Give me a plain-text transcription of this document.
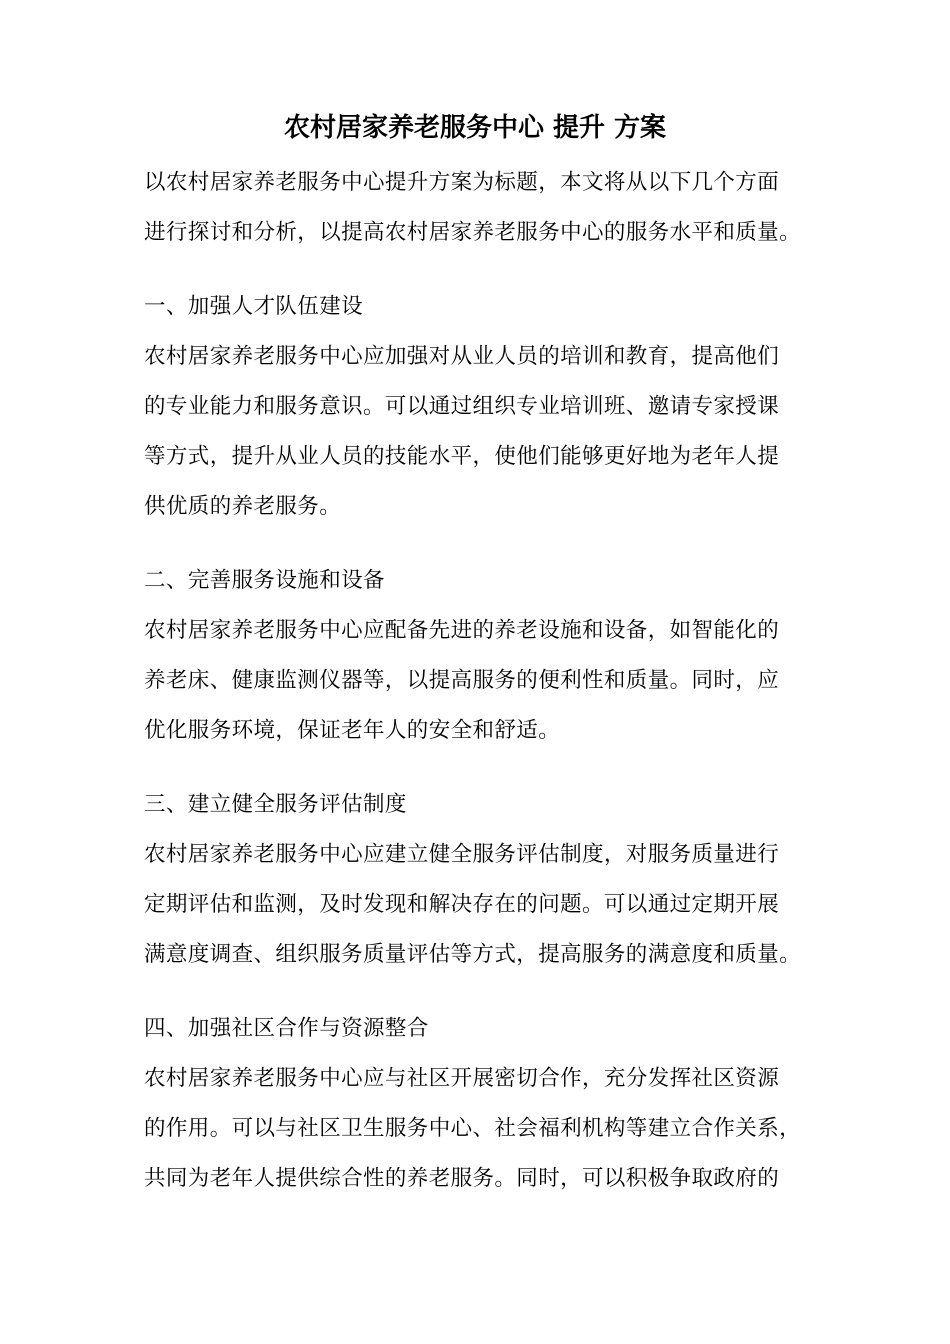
农村居家养老服务中心 提升 方案

以农村居家养老服务中心提升方案为标题，本文将从以下几个方面
进行探讨和分析，以提高农村居家养老服务中心的服务水平和质量。

一、加强人才队伍建设

农村居家养老服务中心应加强对从业人员的培训和教育，提高他们
的专业能力和服务意识。可以通过组织专业培训班、邀请专家授课
等方式，提升从业人员的技能水平，使他们能够更好地为老年人提
供优质的养老服务。

二、完善服务设施和设备

农村居家养老服务中心应配备先进的养老设施和设备，如智能化的
养老床、健康监测仪器等，以提高服务的便利性和质量。同时，应
优化服务环境，保证老年人的安全和舒适。

三、建立健全服务评估制度

农村居家养老服务中心应建立健全服务评估制度，对服务质量进行
定期评估和监测，及时发现和解决存在的问题。可以通过定期开展
满意度调查、组织服务质量评估等方式，提高服务的满意度和质量。

四、加强社区合作与资源整合

农村居家养老服务中心应与社区开展密切合作，充分发挥社区资源
的作用。可以与社区卫生服务中心、社会福利机构等建立合作关系，
共同为老年人提供综合性的养老服务。同时，可以积极争取政府的
